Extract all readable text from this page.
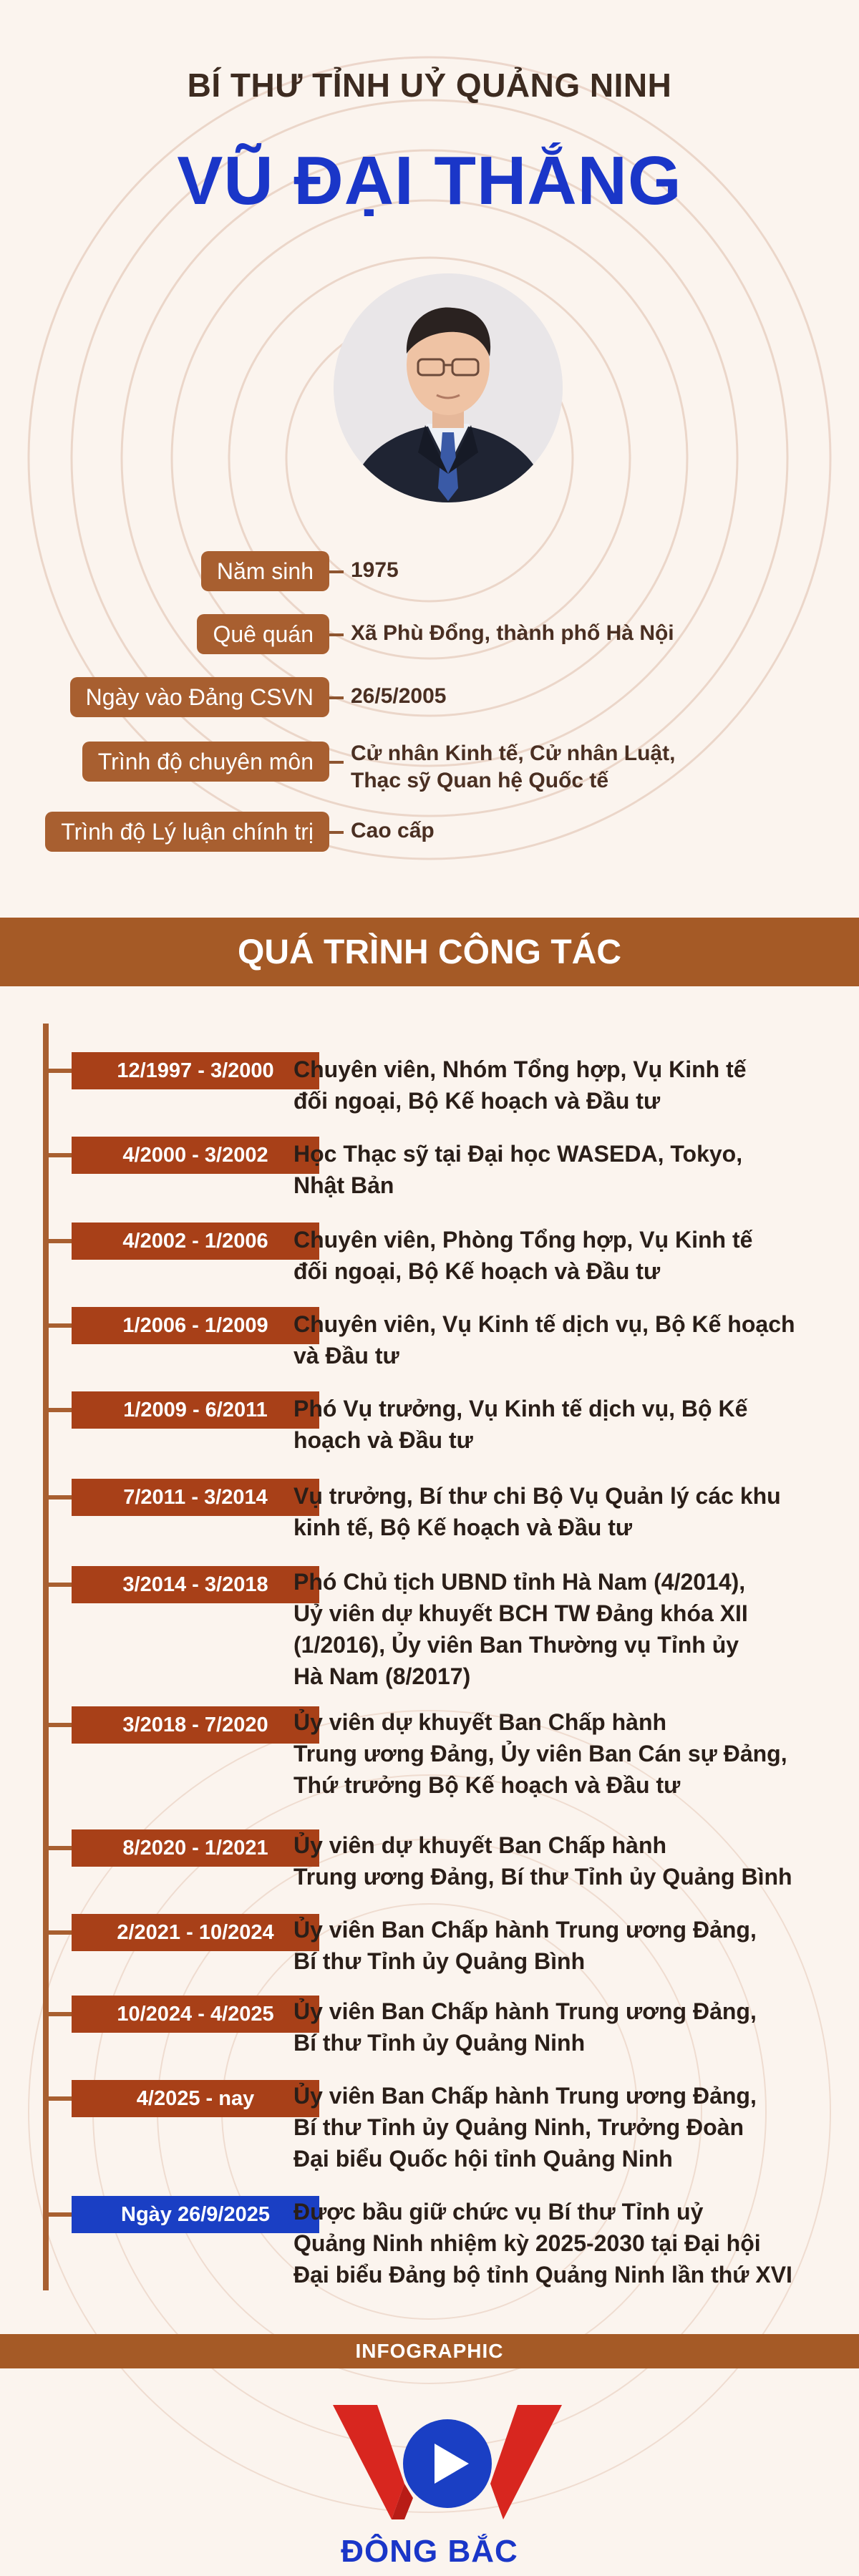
BÍ THƯ TỈNH UỶ QUẢNG NINH
VŨ ĐẠI THẮNG
Năm sinh	1975
Quê quán	Xã Phù Đổng, thành phố Hà Nội
Ngày vào Đảng CSVN	26/5/2005
Trình độ chuyên môn	Cử nhân Kinh tế, Cử nhân Luật,
Thạc sỹ Quan hệ Quốc tế
Trình độ Lý luận chính trị	Cao cấp
QUÁ TRÌNH CÔNG TÁC
12/1997 - 3/2000 Chuyên viên, Nhóm Tổng hợp, Vụ Kinh tế
đối ngoại, Bộ Kế hoạch và Đầu tư
4/2000 - 3/2002	Học Thạc sỹ tại Đại học WASEDA, Tokyo,
Nhật Bản
4/2002 - 1/2006	Chuyên viên, Phòng Tổng hợp, Vụ Kinh tế
đối ngoại, Bộ Kế hoạch và Đầu tư
1/2006 - 1/2009	Chuyên viên, Vụ Kinh tế dịch vụ, Bộ Kế hoạch
và Đầu tư
1/2009 - 6/2011	Phó Vụ trưởng, Vụ Kinh tế dịch vụ, Bộ Kế
hoạch và Đầu tư
7/2011 - 3/2014	Vụ trưởng, Bí thư chi Bộ Vụ Quản lý các khu
kinh tế, Bộ Kế hoạch và Đầu tư
3/2014 - 3/2018	Phó Chủ tịch UBND tỉnh Hà Nam (4/2014),
Uỷ viên dự khuyết BCH TW Đảng khóa XII
(1/2016), Ủy viên Ban Thường vụ Tỉnh ủy
Hà Nam (8/2017)
3/2018 - 7/2020	Ủy viên dự khuyết Ban Chấp hành
Trung ương Đảng, Ủy viên Ban Cán sự Đảng,
Thứ trưởng Bộ Kế hoạch và Đầu tư
8/2020 - 1/2021	Ủy viên dự khuyết Ban Chấp hành
Trung ương Đảng, Bí thư Tỉnh ủy Quảng Bình
2/2021 - 10/2024 Ủy viên Ban Chấp hành Trung ương Đảng,
Bí thư Tỉnh ủy Quảng Bình
10/2024 - 4/2025 Ủy viên Ban Chấp hành Trung ương Đảng,
Bí thư Tỉnh ủy Quảng Ninh
4/2025 - nay	Ủy viên Ban Chấp hành Trung ương Đảng,
Bí thư Tỉnh ủy Quảng Ninh, Trưởng Đoàn
Đại biểu Quốc hội tỉnh Quảng Ninh
Ngày 26/9/2025	Được bầu giữ chức vụ Bí thư Tỉnh uỷ
Quảng Ninh nhiệm kỳ 2025-2030 tại Đại hội
Đại biểu Đảng bộ tỉnh Quảng Ninh lần thứ XVI
INFOGRAPHIC
ĐÔNG BẮC
